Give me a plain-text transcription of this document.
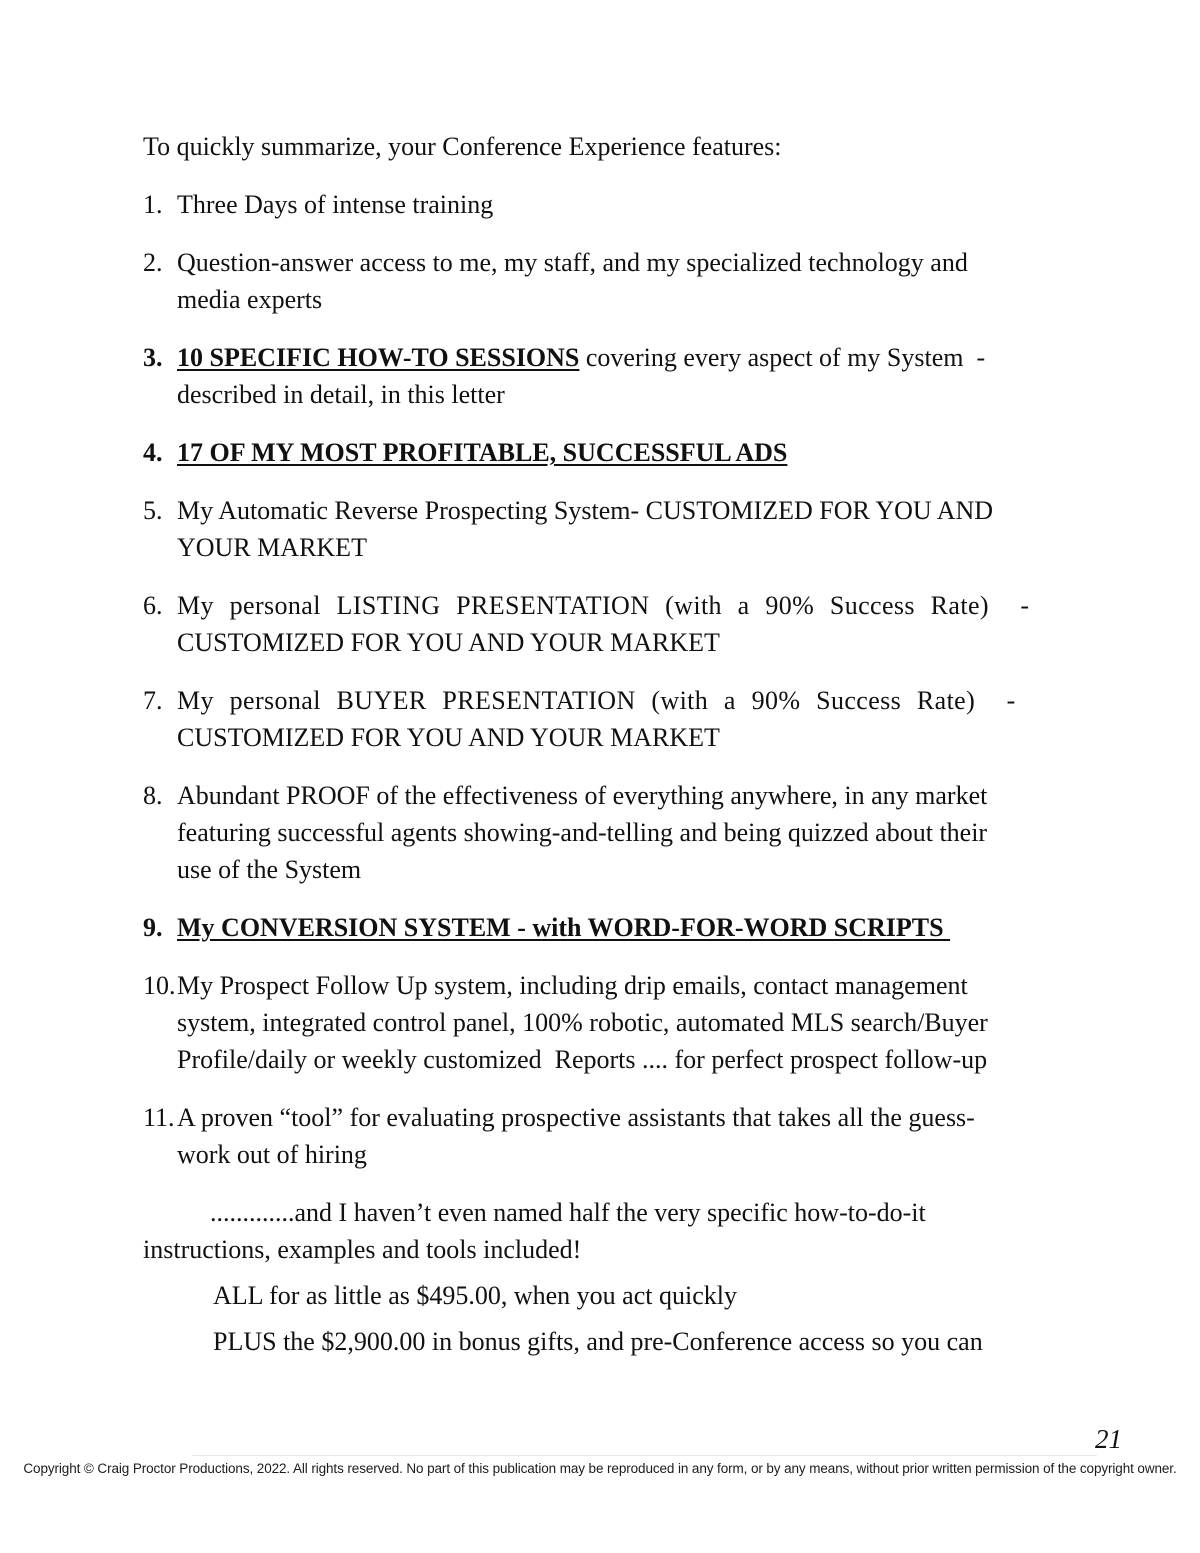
To quickly summarize, your Conference Experience features:
1. Three Days of intense training
2. Question-answer access to me, my staff, and my specialized technology and
media experts
3. 10 SPECIFIC HOW-TO SESSIONS covering every aspect of my System  -
described in detail, in this letter
4. 17 OF MY MOST PROFITABLE, SUCCESSFUL ADS
5. My Automatic Reverse Prospecting System- CUSTOMIZED FOR YOU AND
YOUR MARKET
6. My personal LISTING PRESENTATION (with a 90% Success Rate)  -
CUSTOMIZED FOR YOU AND YOUR MARKET
7. My personal BUYER PRESENTATION (with a 90% Success Rate)  -
CUSTOMIZED FOR YOU AND YOUR MARKET
8. Abundant PROOF of the effectiveness of everything anywhere, in any market
featuring successful agents showing-and-telling and being quizzed about their
use of the System
9. My CONVERSION SYSTEM - with WORD-FOR-WORD SCRIPTS
10. My Prospect Follow Up system, including drip emails, contact management
system, integrated control panel, 100% robotic, automated MLS search/Buyer
Profile/daily or weekly customized  Reports .... for perfect prospect follow-up
11. A proven “tool” for evaluating prospective assistants that takes all the guess-
work out of hiring
.............and I haven’t even named half the very specific how-to-do-it
instructions, examples and tools included!
ALL for as little as $495.00, when you act quickly
PLUS the $2,900.00 in bonus gifts, and pre-Conference access so you can
21
Copyright © Craig Proctor Productions, 2022. All rights reserved. No part of this publication may be reproduced in any form, or by any means, without prior written permission of the copyright owner.
